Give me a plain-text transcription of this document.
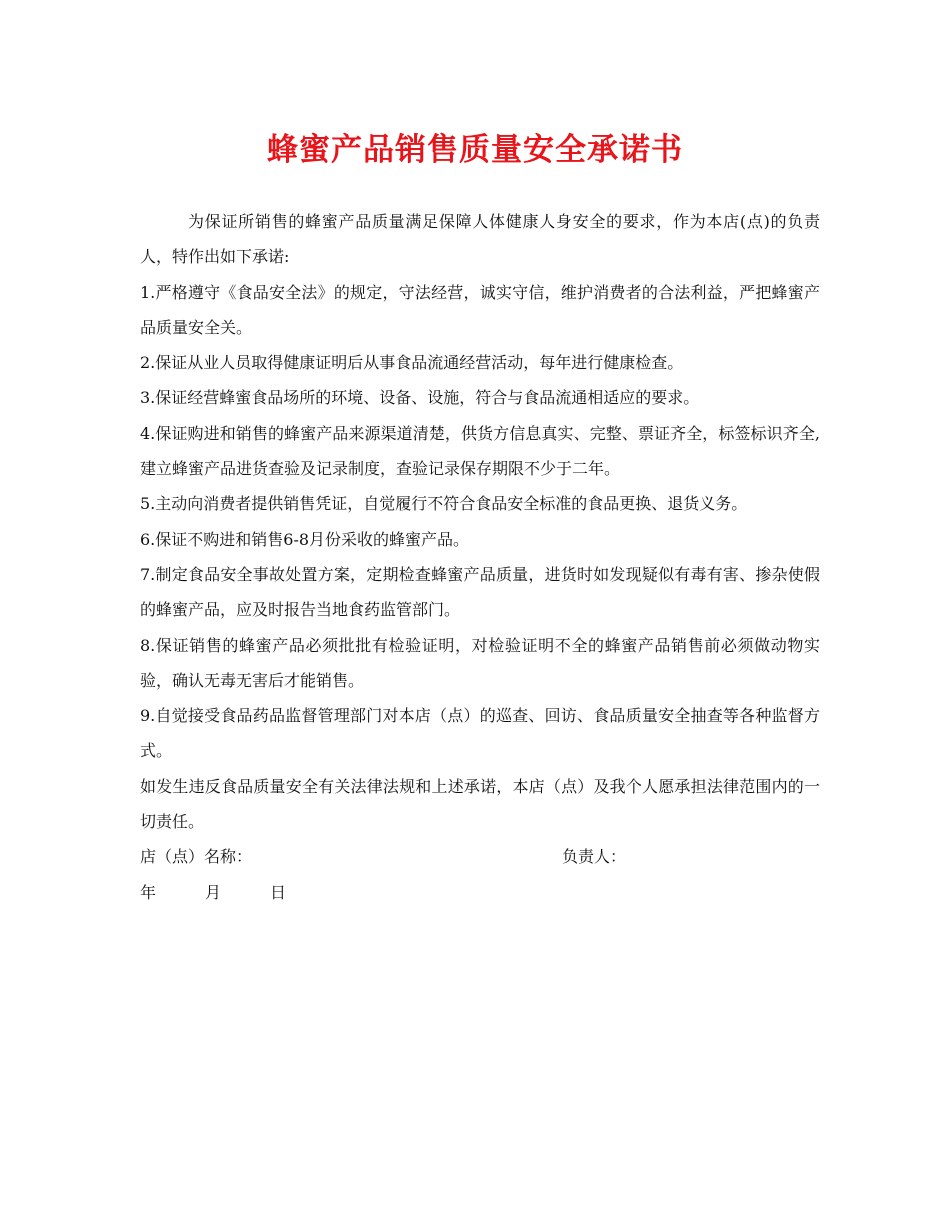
蜂蜜产品销售质量安全承诺书

为保证所销售的蜂蜜产品质量满足保障人体健康人身安全的要求，作为本店(点)的负责人，特作出如下承诺:

1.严格遵守《食品安全法》的规定，守法经营，诚实守信，维护消费者的合法利益，严把蜂蜜产品质量安全关。

2.保证从业人员取得健康证明后从事食品流通经营活动，每年进行健康检查。

3.保证经营蜂蜜食品场所的环境、设备、设施，符合与食品流通相适应的要求。

4.保证购进和销售的蜂蜜产品来源渠道清楚，供货方信息真实、完整、票证齐全，标签标识齐全,建立蜂蜜产品进货查验及记录制度，查验记录保存期限不少于二年。

5.主动向消费者提供销售凭证，自觉履行不符合食品安全标准的食品更换、退货义务。

6.保证不购进和销售6-8月份采收的蜂蜜产品。

7.制定食品安全事故处置方案，定期检查蜂蜜产品质量，进货时如发现疑似有毒有害、掺杂使假的蜂蜜产品，应及时报告当地食药监管部门。

8.保证销售的蜂蜜产品必须批批有检验证明，对检验证明不全的蜂蜜产品销售前必须做动物实验，确认无毒无害后才能销售。

9.自觉接受食品药品监督管理部门对本店（点）的巡查、回访、食品质量安全抽查等各种监督方式。

如发生违反食品质量安全有关法律法规和上述承诺，本店（点）及我个人愿承担法律范围内的一切责任。

店（点）名称：	负责人：
年	月	日
